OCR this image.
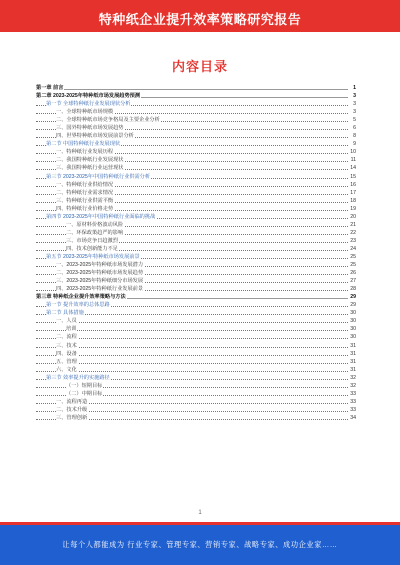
特种纸企业提升效率策略研究报告
内容目录
第一章 前言	1
第二章 2023-2025年特种纸市场发展趋势预测	3
第一节 全球特种纸行业发展现状分析	3
一、全球特种纸市场规模	3
二、全球特种纸市场竞争格局及主要企业分析	5
三、国外特种纸市场发展趋势	6
四、世界特种纸市场发展前景分析	8
第二节 中国特种纸行业发展现状	9
一、特种纸行业发展历程	10
二、我国特种纸行业发展现状	11
三、我国特种纸行业运营现状	14
第三节 2023-2025年中国特种纸行业供需分析	15
一、特种纸行业供给情况	16
二、特种纸行业需求情况	17
三、特种纸行业供需平衡	18
四、特种纸行业价格走势	19
第四节 2023-2025年中国特种纸行业面临的挑战	20
一、原材料价格波动风险	21
二、环保政策趋严的影响	22
三、市场竞争日趋激烈	23
四、技术创新能力不足	24
第五节 2023-2025年特种纸市场发展前景	25
一、2023-2025年特种纸市场发展潜力	25
二、2023-2025年特种纸市场发展趋势	26
三、2023-2025年特种纸细分市场发展	27
四、2023-2025年特种纸行业发展前景	28
第三章 特种纸企业提升效率策略与方法	29
第一节 提升效率的总体思路	29
第二节 具体措施	30
一、人员	30
培训	30
二、流程	30
三、技术	31
四、设备	31
五、管理	31
六、文化	31
第三节 效率提升的实施路径	32
（一）短期目标	32
（二）中期目标	33
一、流程再造	33
二、技术升级	33
三、管理创新	34
1
让每个人都能成为 行业专家、管理专家、营销专家、战略专家、成功企业家……
